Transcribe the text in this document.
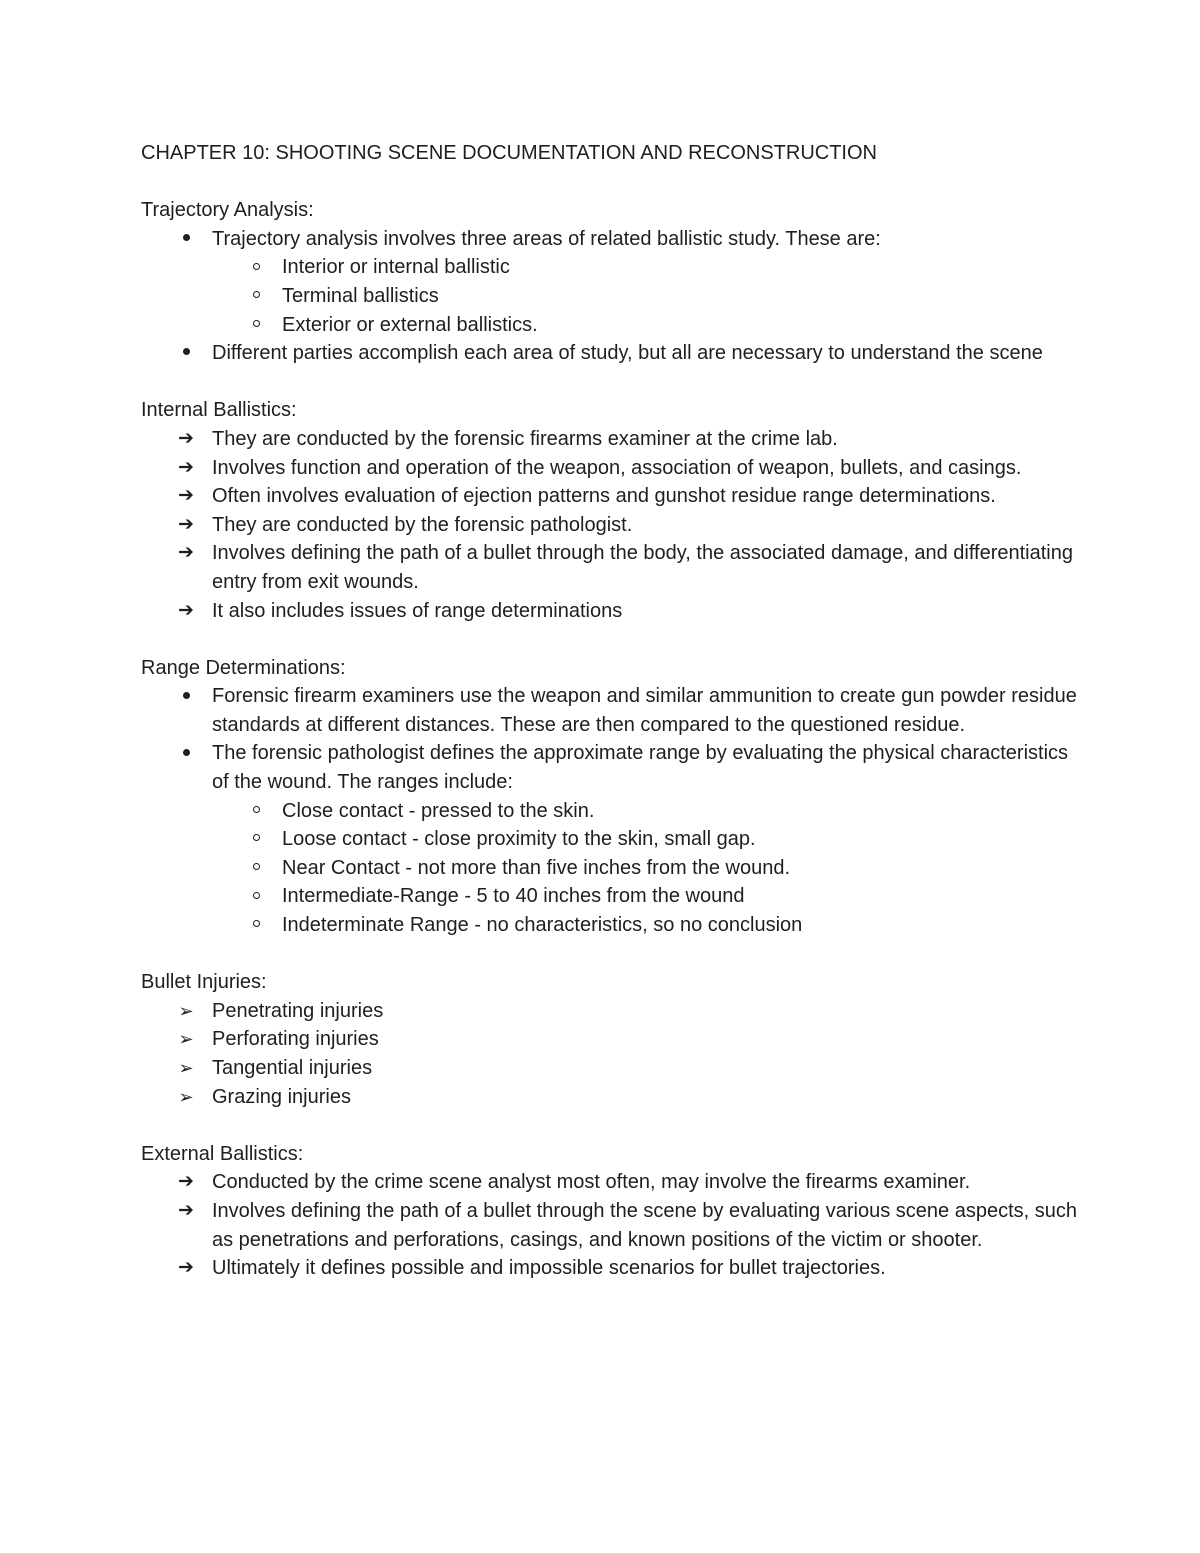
CHAPTER 10: SHOOTING SCENE DOCUMENTATION AND RECONSTRUCTION
Trajectory Analysis:
Trajectory analysis involves three areas of related ballistic study. These are:
Interior or internal ballistic
Terminal ballistics
Exterior or external ballistics.
Different parties accomplish each area of study, but all are necessary to understand the scene
Internal Ballistics:
➔ They are conducted by the forensic firearms examiner at the crime lab.
➔ Involves function and operation of the weapon, association of weapon, bullets, and casings.
➔ Often involves evaluation of ejection patterns and gunshot residue range determinations.
➔ They are conducted by the forensic pathologist.
➔ Involves defining the path of a bullet through the body, the associated damage, and differentiating entry from exit wounds.
➔ It also includes issues of range determinations
Range Determinations:
Forensic firearm examiners use the weapon and similar ammunition to create gun powder residue standards at different distances. These are then compared to the questioned residue.
The forensic pathologist defines the approximate range by evaluating the physical characteristics of the wound. The ranges include:
Close contact - pressed to the skin.
Loose contact - close proximity to the skin, small gap.
Near Contact - not more than five inches from the wound.
Intermediate-Range - 5 to 40 inches from the wound
Indeterminate Range - no characteristics, so no conclusion
Bullet Injuries:
➢ Penetrating injuries
➢ Perforating injuries
➢ Tangential injuries
➢ Grazing injuries
External Ballistics:
➔ Conducted by the crime scene analyst most often, may involve the firearms examiner.
➔ Involves defining the path of a bullet through the scene by evaluating various scene aspects, such as penetrations and perforations, casings, and known positions of the victim or shooter.
➔ Ultimately it defines possible and impossible scenarios for bullet trajectories.
